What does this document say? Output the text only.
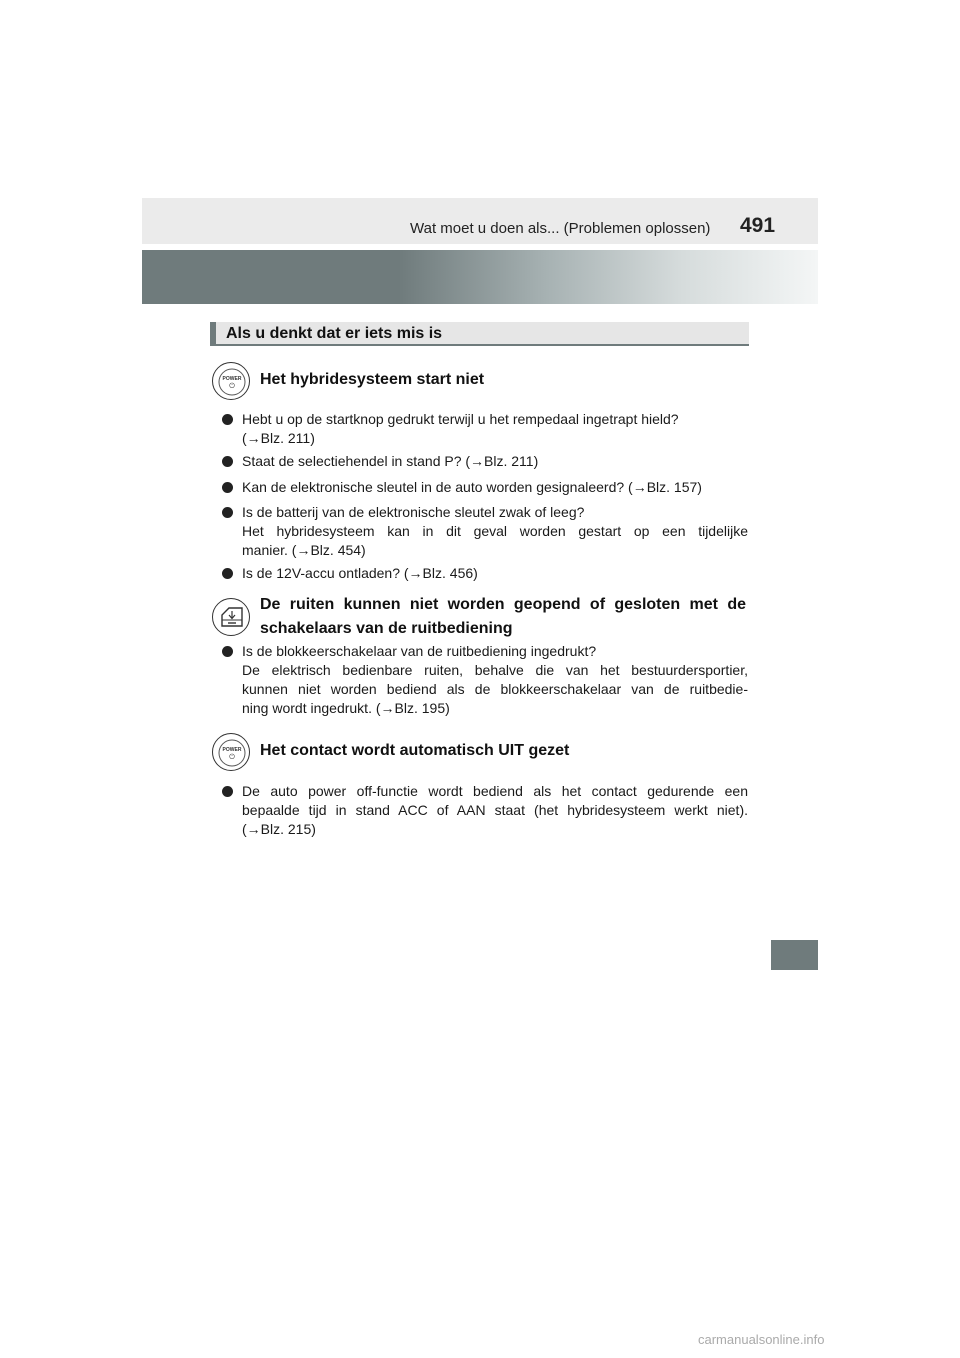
Wat moet u doen als... (Problemen oplossen) 491
Als u denkt dat er iets mis is
POWER
⏻ Het hybridesysteem start niet
Hebt u op de startknop gedrukt terwijl u het rempedaal ingetrapt hield?
(→Blz. 211)
Staat de selectiehendel in stand P? (→Blz. 211)
Kan de elektronische sleutel in de auto worden gesignaleerd? (→Blz. 157)
Is de batterij van de elektronische sleutel zwak of leeg?
Het hybridesysteem kan in dit geval worden gestart op een tijdelijke
manier. (→Blz. 454)
Is de 12V-accu ontladen? (→Blz. 456)
De ruiten kunnen niet worden geopend of gesloten met de schakelaars van de ruitbediening
Is de blokkeerschakelaar van de ruitbediening ingedrukt?
De elektrisch bedienbare ruiten, behalve die van het bestuurdersportier,
kunnen niet worden bediend als de blokkeerschakelaar van de ruitbedie-
ning wordt ingedrukt. (→Blz. 195)
POWER
⏻ Het contact wordt automatisch UIT gezet
De auto power off-functie wordt bediend als het contact gedurende een
bepaalde tijd in stand ACC of AAN staat (het hybridesysteem werkt niet).
(→Blz. 215)
carmanualsonline.info
